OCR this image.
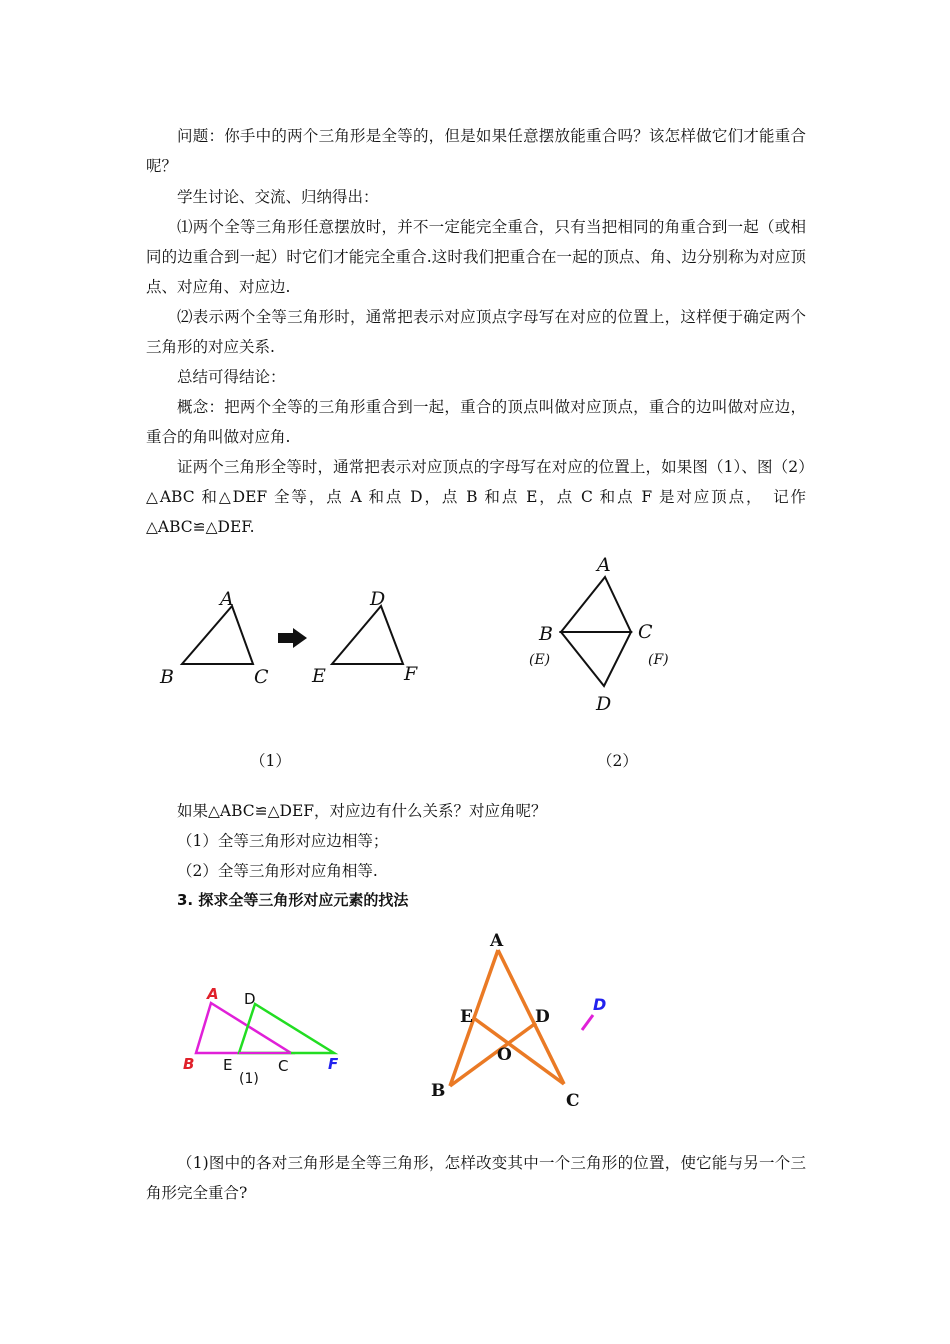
问题：你手中的两个三角形是全等的，但是如果任意摆放能重合吗？该怎样做它们才能重合呢？

学生讨论、交流、归纳得出：

⑴两个全等三角形任意摆放时，并不一定能完全重合，只有当把相同的角重合到一起（或相同的边重合到一起）时它们才能完全重合.这时我们把重合在一起的顶点、角、边分别称为对应顶点、对应角、对应边.

⑵表示两个全等三角形时，通常把表示对应顶点字母写在对应的位置上，这样便于确定两个三角形的对应关系.

总结可得结论：

概念：把两个全等的三角形重合到一起，重合的顶点叫做对应顶点，重合的边叫做对应边，重合的角叫做对应角.

证两个三角形全等时，通常把表示对应顶点的字母写在对应的位置上，如果图（1）、图（2）△ABC 和△DEF 全等，点 A 和点 D，点 B 和点 E，点 C 和点 F 是对应顶点，　记作△ABC≌△DEF.

A
B	C
D
E	F
A
B	C
D
(E)	(F)
（1）	（2）

如果△ABC≌△DEF，对应边有什么关系？对应角呢？

（1）全等三角形对应边相等；

（2）全等三角形对应角相等.

3. 探求全等三角形对应元素的找法

A D
B E	C	F
(1)
A
E	D
O
B	C
D

（1)图中的各对三角形是全等三角形，怎样改变其中一个三角形的位置，使它能与另一个三角形完全重合?
